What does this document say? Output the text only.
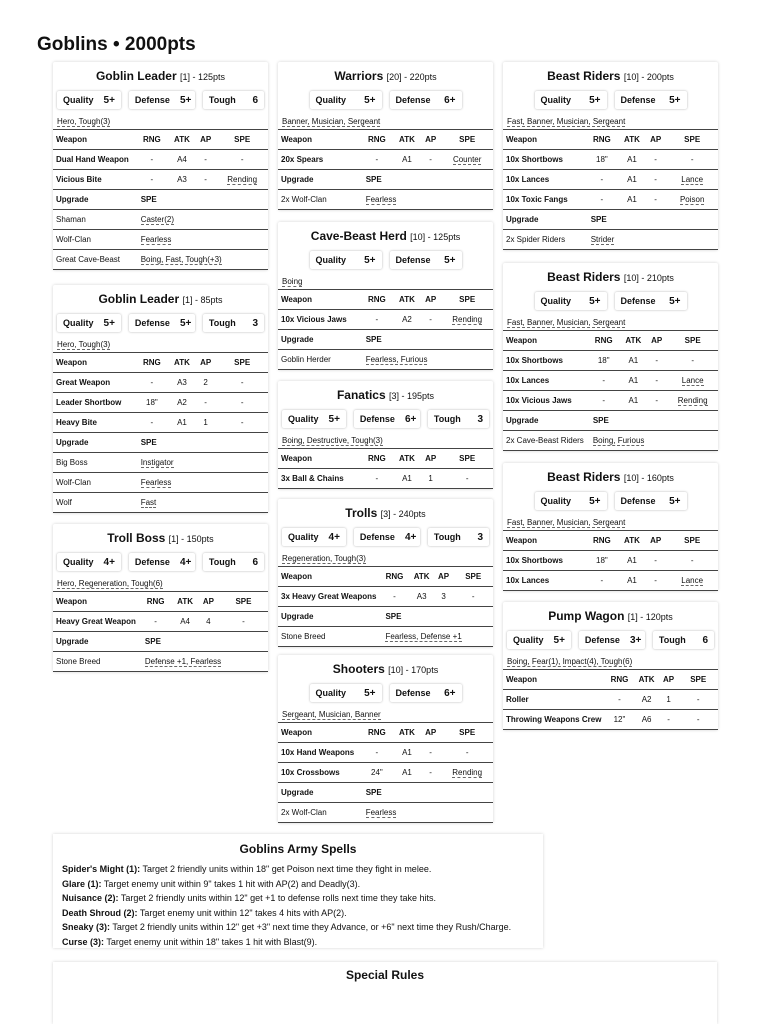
Goblins • 2000pts
Goblin Leader [1] - 125pts
Quality 5+ Defense 5+ Tough 6
Hero, Tough(3)
Weapon	RNG	ATK	AP	SPE
Dual Hand Weapon	-	A4	-	-
Vicious Bite	-	A3	-	Rending
Upgrade	SPE			
Shaman	Caster(2)			
Wolf-Clan	Fearless			
Great Cave-Beast	Boing, Fast, Tough(+3)			
Goblin Leader [1] - 85pts
Quality 5+ Defense 5+ Tough 3
Hero, Tough(3)
Weapon	RNG	ATK	AP	SPE
Great Weapon	-	A3	2	-
Leader Shortbow	18"	A2	-	-
Heavy Bite	-	A1	1	-
Upgrade	SPE			
Big Boss	Instigator			
Wolf-Clan	Fearless			
Wolf	Fast			
Troll Boss [1] - 150pts
Quality 4+ Defense 4+ Tough 6
Hero, Regeneration, Tough(6)
Weapon	RNG	ATK	AP	SPE
Heavy Great Weapon	-	A4	4	-
Upgrade	SPE			
Stone Breed	Defense +1, Fearless			
Warriors [20] - 220pts
Quality 5+ Defense 6+
Banner, Musician, Sergeant
Weapon	RNG	ATK	AP	SPE
20x Spears	-	A1	-	Counter
Upgrade	SPE			
2x Wolf-Clan	Fearless			
Cave-Beast Herd [10] - 125pts
Quality 5+ Defense 5+
Boing
Weapon	RNG	ATK	AP	SPE
10x Vicious Jaws	-	A2	-	Rending
Upgrade	SPE			
Goblin Herder	Fearless, Furious			
Fanatics [3] - 195pts
Quality 5+ Defense 6+ Tough 3
Boing, Destructive, Tough(3)
Weapon	RNG	ATK	AP	SPE
3x Ball & Chains	-	A1	1	-
Trolls [3] - 240pts
Quality 4+ Defense 4+ Tough 3
Regeneration, Tough(3)
Weapon	RNG	ATK	AP	SPE
3x Heavy Great Weapons	-	A3	3	-
Upgrade	SPE			
Stone Breed	Fearless, Defense +1			
Shooters [10] - 170pts
Quality 5+ Defense 6+
Sergeant, Musician, Banner
Weapon	RNG	ATK	AP	SPE
10x Hand Weapons	-	A1	-	-
10x Crossbows	24"	A1	-	Rending
Upgrade	SPE			
2x Wolf-Clan	Fearless			
Beast Riders [10] - 200pts
Quality 5+ Defense 5+
Fast, Banner, Musician, Sergeant
Weapon	RNG	ATK	AP	SPE
10x Shortbows	18"	A1	-	-
10x Lances	-	A1	-	Lance
10x Toxic Fangs	-	A1	-	Poison
Upgrade	SPE			
2x Spider Riders	Strider			
Beast Riders [10] - 210pts
Quality 5+ Defense 5+
Fast, Banner, Musician, Sergeant
Weapon	RNG	ATK	AP	SPE
10x Shortbows	18"	A1	-	-
10x Lances	-	A1	-	Lance
10x Vicious Jaws	-	A1	-	Rending
Upgrade	SPE			
2x Cave-Beast Riders	Boing, Furious			
Beast Riders [10] - 160pts
Quality 5+ Defense 5+
Fast, Banner, Musician, Sergeant
Weapon	RNG	ATK	AP	SPE
10x Shortbows	18"	A1	-	-
10x Lances	-	A1	-	Lance
Pump Wagon [1] - 120pts
Quality 5+ Defense 3+ Tough 6
Boing, Fear(1), Impact(4), Tough(6)
Weapon	RNG	ATK	AP	SPE
Roller	-	A2	1	-
Throwing Weapons Crew	12"	A6	-	-
Goblins Army Spells
Spider's Might (1): Target 2 friendly units within 18" get Poison next time they fight in melee.
Glare (1): Target enemy unit within 9" takes 1 hit with AP(2) and Deadly(3).
Nuisance (2): Target 2 friendly units within 12" get +1 to defense rolls next time they take hits.
Death Shroud (2): Target enemy unit within 12" takes 4 hits with AP(2).
Sneaky (3): Target 2 friendly units within 12" get +3" next time they Advance, or +6" next time they Rush/Charge.
Curse (3): Target enemy unit within 18" takes 1 hit with Blast(9).
Special Rules
